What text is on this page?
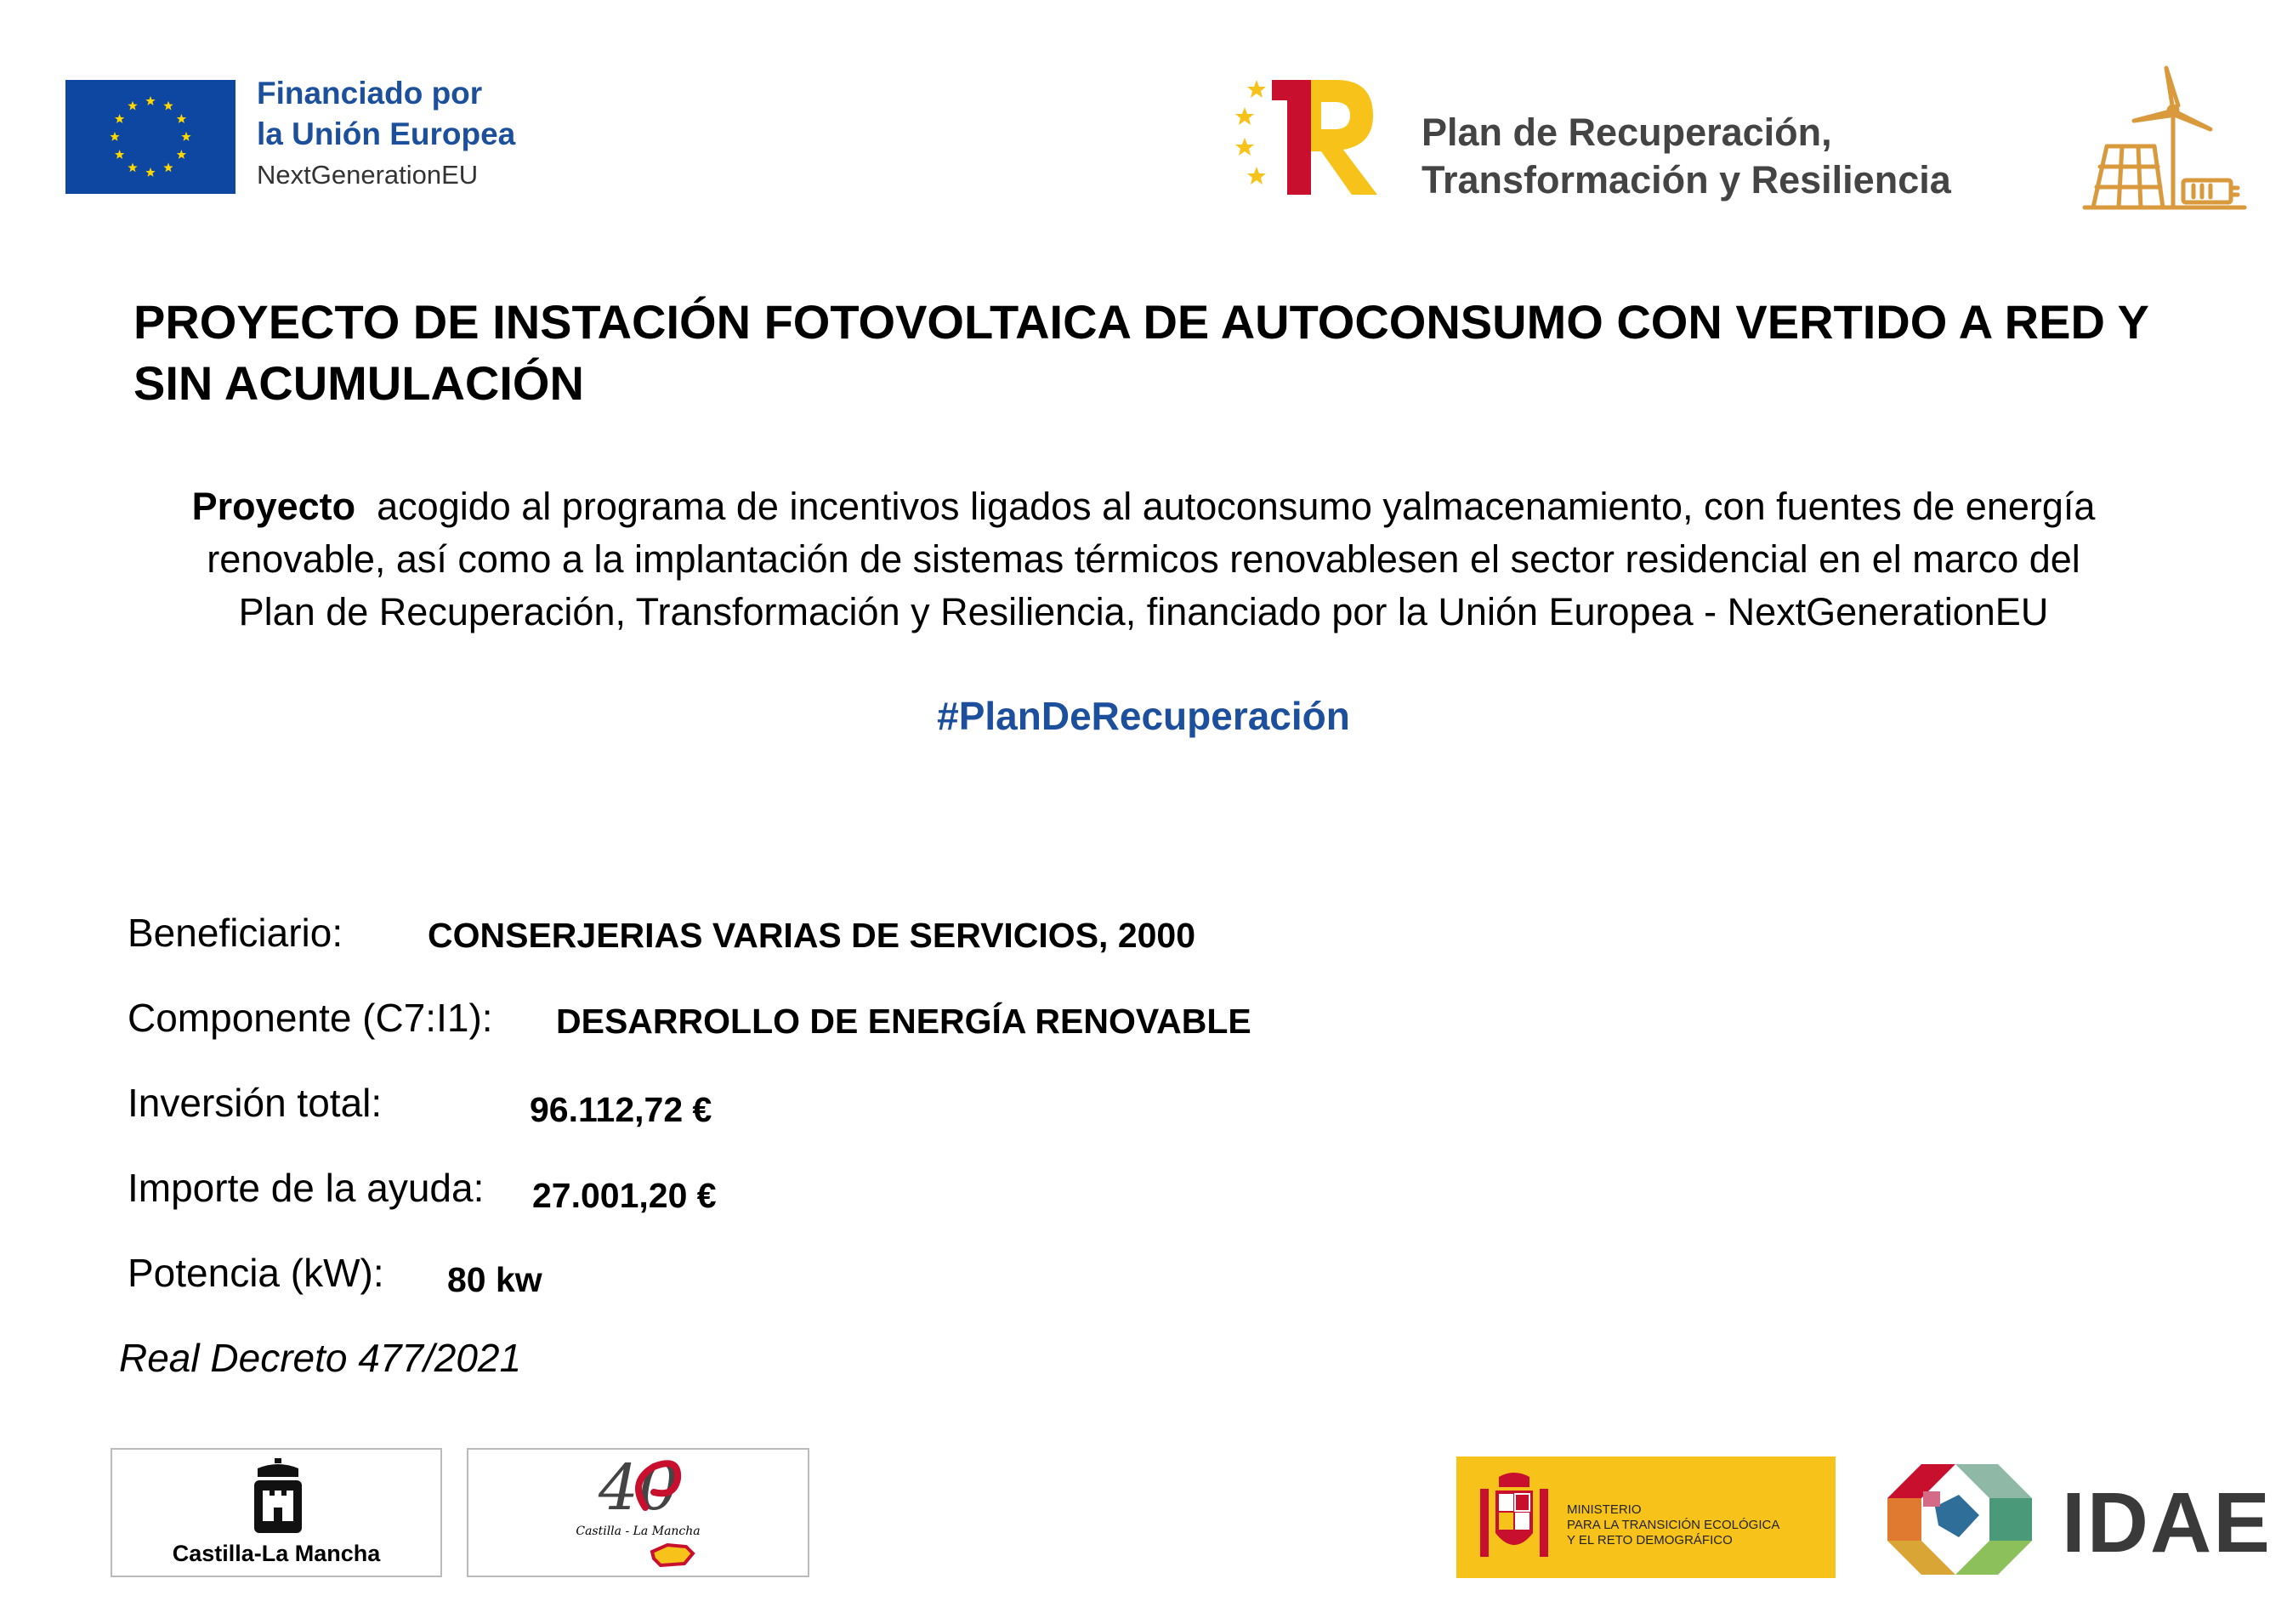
Financiado por
la Unión Europea
NextGenerationEU
Plan de Recuperación,
Transformación y Resiliencia
PROYECTO DE INSTACIÓN FOTOVOLTAICA DE AUTOCONSUMO CON VERTIDO A RED Y SIN ACUMULACIÓN
Proyecto  acogido al programa de incentivos ligados al autoconsumo yalmacenamiento, con fuentes de energía
renovable, así como a la implantación de sistemas térmicos renovablesen el sector residencial en el marco del
Plan de Recuperación, Transformación y Resiliencia, financiado por la Unión Europea - NextGenerationEU
#PlanDeRecuperación
Beneficiario: CONSERJERIAS VARIAS DE SERVICIOS, 2000
Componente (C7:I1): DESARROLLO DE ENERGÍA RENOVABLE
Inversión total:	96.112,72 €
Importe de la ayuda: 27.001,20 €
Potencia (kW): 80 kw
Real Decreto 477/2021
Castilla-La Mancha
40
Castilla - La Mancha
MINISTERIO
PARA LA TRANSICIÓN ECOLÓGICA
Y EL RETO DEMOGRÁFICO	IDAE
